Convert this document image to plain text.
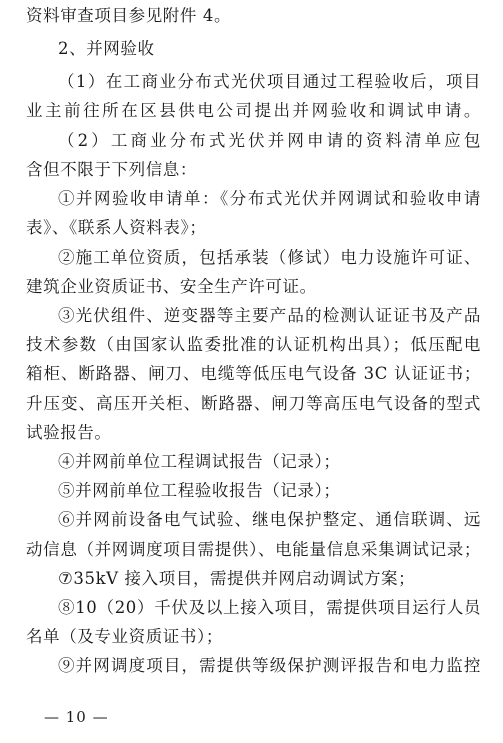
资料审查项目参见附件 4。
2、并网验收
（1）在工商业分布式光伏项目通过工程验收后，项目
业主前往所在区县供电公司提出并网验收和调试申请。
（2）工商业分布式光伏并网申请的资料清单应包
含但不限于下列信息：
①并网验收申请单：《分布式光伏并网调试和验收申请
表》、《联系人资料表》；
②施工单位资质，包括承装（修试）电力设施许可证、
建筑企业资质证书、安全生产许可证。
③光伏组件、逆变器等主要产品的检测认证证书及产品
技术参数（由国家认监委批准的认证机构出具）；低压配电
箱柜、断路器、闸刀、电缆等低压电气设备 3C 认证证书；
升压变、高压开关柜、断路器、闸刀等高压电气设备的型式
试验报告。
④并网前单位工程调试报告（记录）；
⑤并网前单位工程验收报告（记录）；
⑥并网前设备电气试验、继电保护整定、通信联调、远
动信息（并网调度项目需提供）、电能量信息采集调试记录；
⑦35kV 接入项目，需提供并网启动调试方案；
⑧10（20）千伏及以上接入项目，需提供项目运行人员
名单（及专业资质证书）；
⑨并网调度项目，需提供等级保护测评报告和电力监控
— 10 —
